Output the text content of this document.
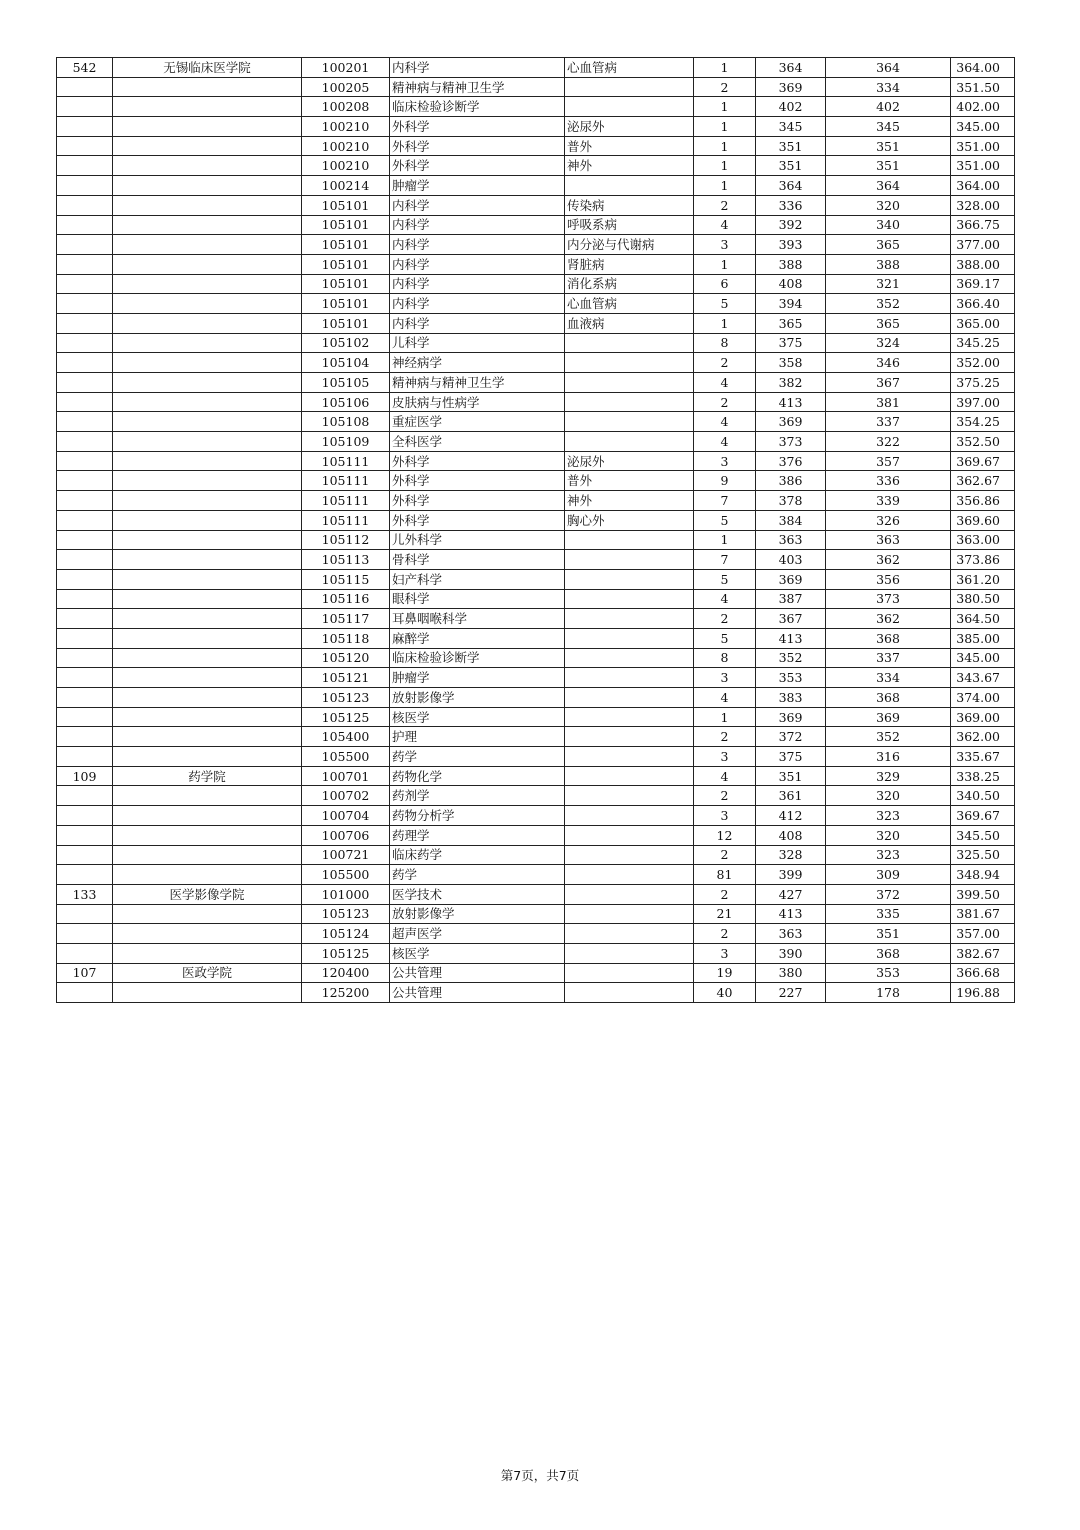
542	无锡临床医学院	100201	内科学	心血管病	1	364	364	364.00
		100205	精神病与精神卫生学		2	369	334	351.50
		100208	临床检验诊断学		1	402	402	402.00
		100210	外科学	泌尿外	1	345	345	345.00
		100210	外科学	普外	1	351	351	351.00
		100210	外科学	神外	1	351	351	351.00
		100214	肿瘤学		1	364	364	364.00
		105101	内科学	传染病	2	336	320	328.00
		105101	内科学	呼吸系病	4	392	340	366.75
		105101	内科学	内分泌与代谢病	3	393	365	377.00
		105101	内科学	肾脏病	1	388	388	388.00
		105101	内科学	消化系病	6	408	321	369.17
		105101	内科学	心血管病	5	394	352	366.40
		105101	内科学	血液病	1	365	365	365.00
		105102	儿科学		8	375	324	345.25
		105104	神经病学		2	358	346	352.00
		105105	精神病与精神卫生学		4	382	367	375.25
		105106	皮肤病与性病学		2	413	381	397.00
		105108	重症医学		4	369	337	354.25
		105109	全科医学		4	373	322	352.50
		105111	外科学	泌尿外	3	376	357	369.67
		105111	外科学	普外	9	386	336	362.67
		105111	外科学	神外	7	378	339	356.86
		105111	外科学	胸心外	5	384	326	369.60
		105112	儿外科学		1	363	363	363.00
		105113	骨科学		7	403	362	373.86
		105115	妇产科学		5	369	356	361.20
		105116	眼科学		4	387	373	380.50
		105117	耳鼻咽喉科学		2	367	362	364.50
		105118	麻醉学		5	413	368	385.00
		105120	临床检验诊断学		8	352	337	345.00
		105121	肿瘤学		3	353	334	343.67
		105123	放射影像学		4	383	368	374.00
		105125	核医学		1	369	369	369.00
		105400	护理		2	372	352	362.00
		105500	药学		3	375	316	335.67
109	药学院	100701	药物化学		4	351	329	338.25
		100702	药剂学		2	361	320	340.50
		100704	药物分析学		3	412	323	369.67
		100706	药理学		12	408	320	345.50
		100721	临床药学		2	328	323	325.50
		105500	药学		81	399	309	348.94
133	医学影像学院	101000	医学技术		2	427	372	399.50
		105123	放射影像学		21	413	335	381.67
		105124	超声医学		2	363	351	357.00
		105125	核医学		3	390	368	382.67
107	医政学院	120400	公共管理		19	380	353	366.68
		125200	公共管理		40	227	178	196.88
第7页，共7页
